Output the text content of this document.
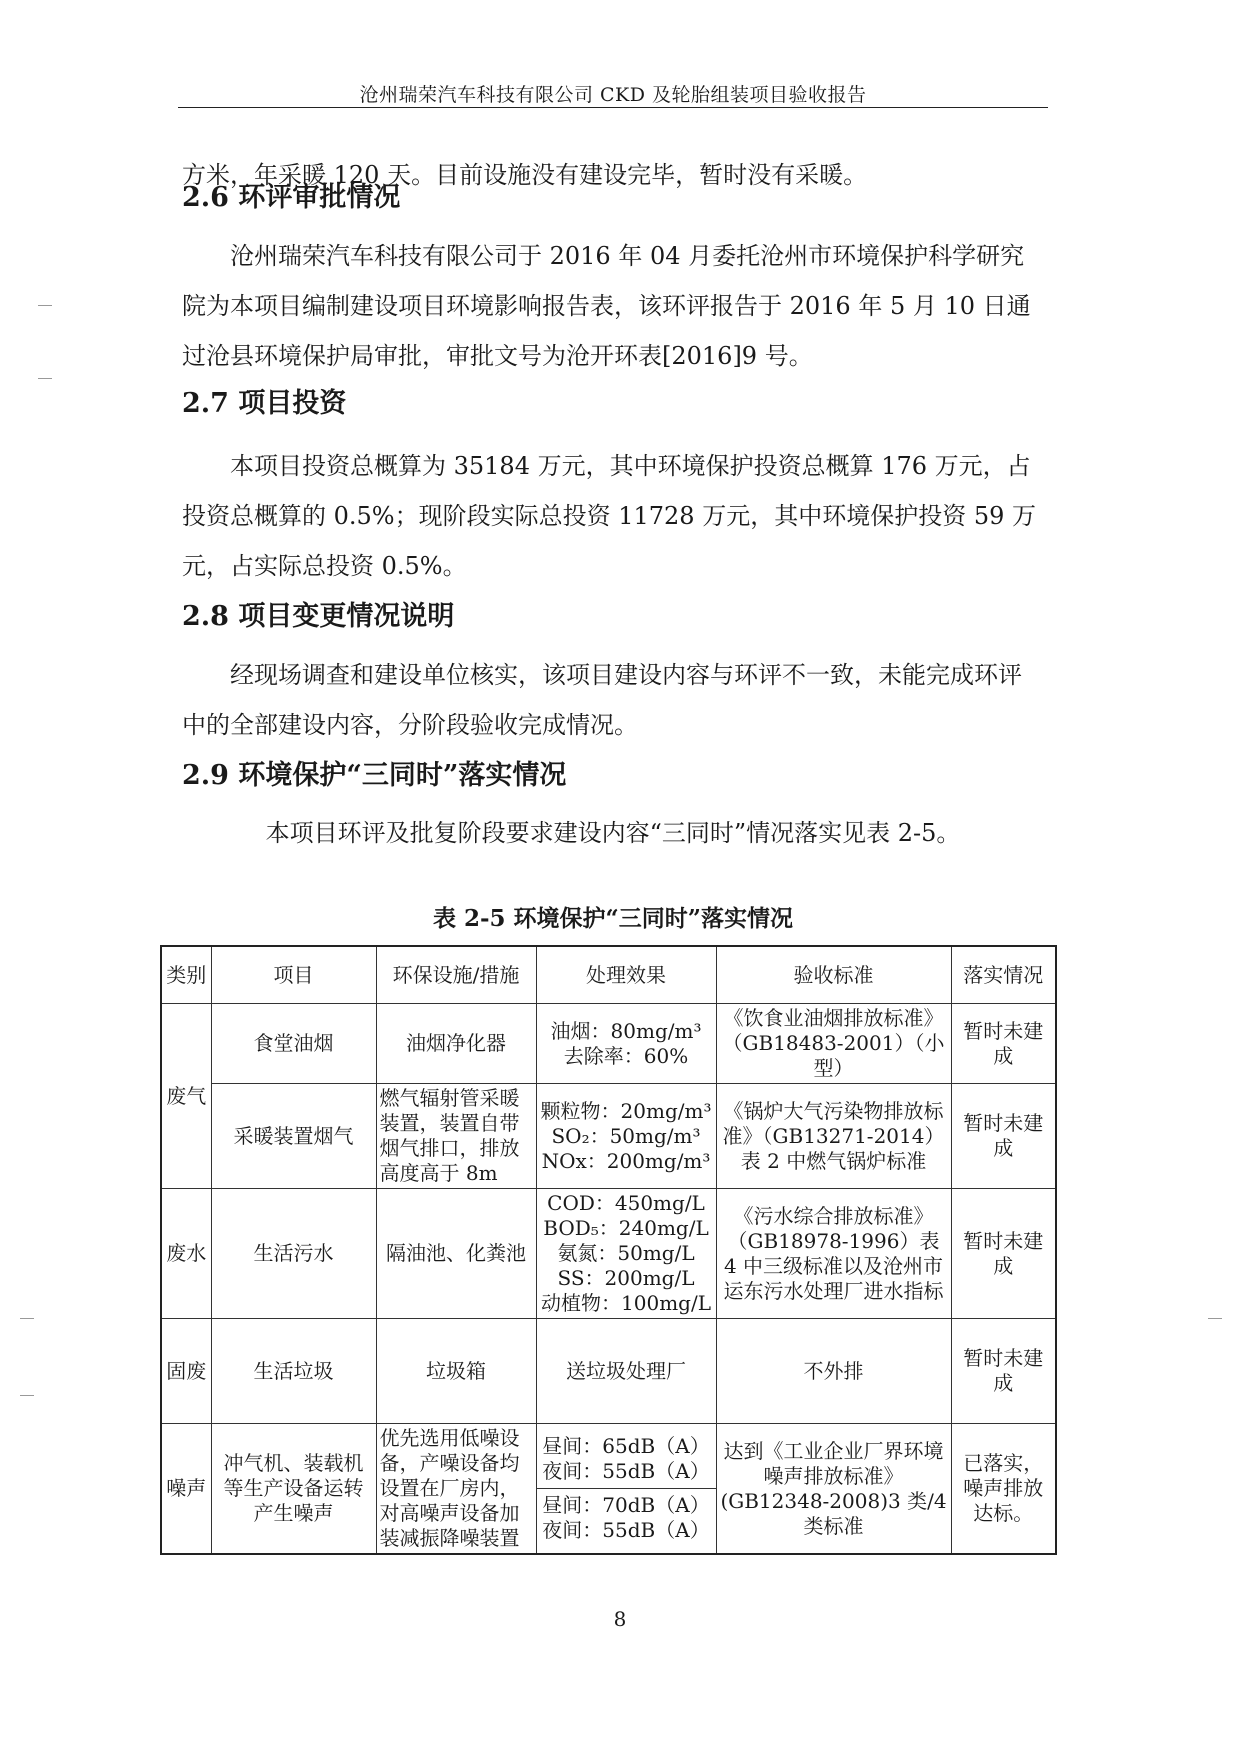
沧州瑞荣汽车科技有限公司 CKD 及轮胎组装项目验收报告

方米，年采暖 120 天。目前设施没有建设完毕，暂时没有采暖。

2.6 环评审批情况

沧州瑞荣汽车科技有限公司于 2016 年 04 月委托沧州市环境保护科学研究院为本项目编制建设项目环境影响报告表，该环评报告于 2016 年 5 月 10 日通过沧县环境保护局审批，审批文号为沧开环表[2016]9 号。

2.7 项目投资

本项目投资总概算为 35184 万元，其中环境保护投资总概算 176 万元，占投资总概算的 0.5%；现阶段实际总投资 11728 万元，其中环境保护投资 59 万元，占实际总投资 0.5%。

2.8 项目变更情况说明

经现场调查和建设单位核实，该项目建设内容与环评不一致，未能完成环评中的全部建设内容，分阶段验收完成情况。

2.9 环境保护“三同时”落实情况

本项目环评及批复阶段要求建设内容“三同时”情况落实见表 2-5。

表 2-5 环境保护“三同时”落实情况
类别	项目	环保设施/措施	处理效果	验收标准	落实情况
废气	食堂油烟	油烟净化器	油烟：80mg/m³
去除率：60%	《饮食业油烟排放标准》（GB18483-2001）（小型）	暂时未建成
	采暖装置烟气	燃气辐射管采暖装置，装置自带烟气排口，排放高度高于 8m	颗粒物：20mg/m³
SO₂：50mg/m³
NOx：200mg/m³	《锅炉大气污染物排放标准》（GB13271-2014）表 2 中燃气锅炉标准	暂时未建成
废水	生活污水	隔油池、化粪池	COD：450mg/L
BOD₅：240mg/L
氨氮：50mg/L
SS：200mg/L
动植物：100mg/L	《污水综合排放标准》（GB18978-1996）表 4 中三级标准以及沧州市运东污水处理厂进水指标	暂时未建成
固废	生活垃圾	垃圾箱	送垃圾处理厂	不外排	暂时未建成
噪声	冲气机、装载机等生产设备运转产生噪声	优先选用低噪设备，产噪设备均设置在厂房内，对高噪声设备加装减振降噪装置	昼间：65dB（A）
夜间：55dB（A）
昼间：70dB（A）
夜间：55dB（A）	达到《工业企业厂界环境噪声排放标准》(GB12348-2008)3 类/4 类标准	已落实，噪声排放达标。
8
